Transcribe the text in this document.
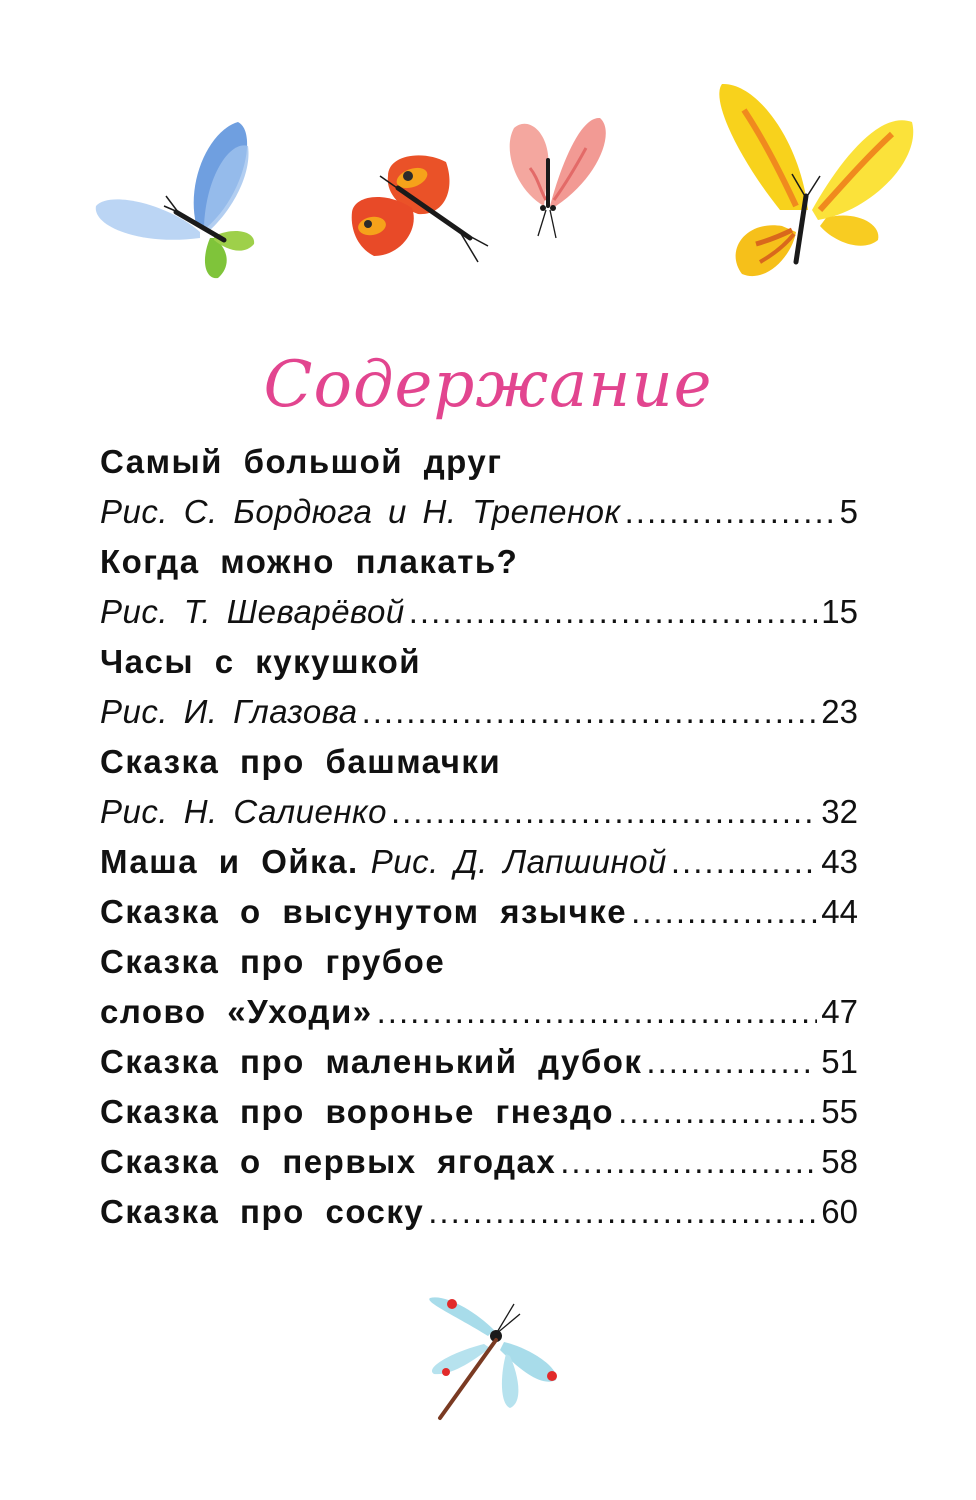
Содержание
Самый большой друг
Рис. С. Бордюга и Н. Трепенок .....	5
Когда можно плакать?
Рис. Т. Шеварёвой .....	15
Часы с кукушкой
Рис. И. Глазова .....	23
Сказка про башмачки
Рис. Н. Салиенко .....	32
Маша и Ойка. Рис. Д. Лапшиной .....	43
Сказка о высунутом язычке .....	44
Сказка про грубое
слово «Уходи» .....	47
Сказка про маленький дубок .....	51
Сказка про воронье гнездо .....	55
Сказка о первых ягодах .....	58
Сказка про соску .....	60
